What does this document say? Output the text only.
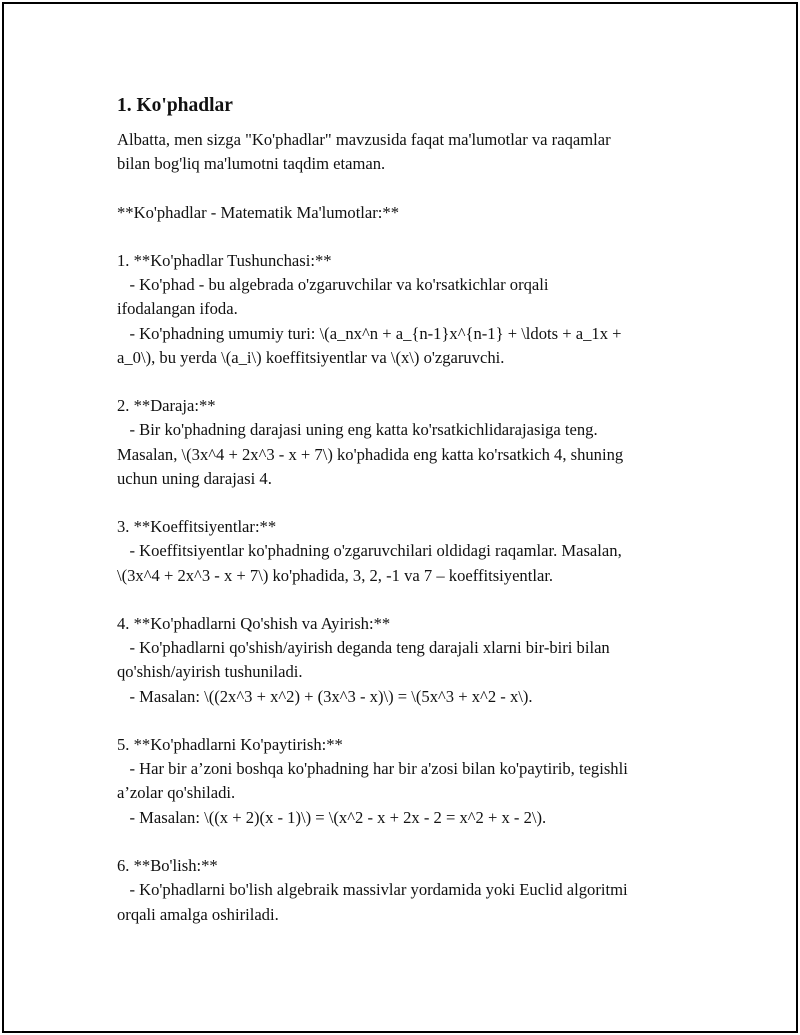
1. Ko'phadlar

Albatta, men sizga "Ko'phadlar" mavzusida faqat ma'lumotlar va raqamlar
bilan bog'liq ma'lumotni taqdim etaman.

**Ko'phadlar - Matematik Ma'lumotlar:**

1. **Ko'phadlar Tushunchasi:**
- Ko'phad - bu algebrada o'zgaruvchilar va ko'rsatkichlar orqali
ifodalangan ifoda.
- Ko'phadning umumiy turi: \(a_nx^n + a_{n-1}x^{n-1} + \ldots + a_1x +
a_0\), bu yerda \(a_i\) koeffitsiyentlar va \(x\) o'zgaruvchi.

2. **Daraja:**
- Bir ko'phadning darajasi uning eng katta ko'rsatkichlidarajasiga teng.
Masalan, \(3x^4 + 2x^3 - x + 7\) ko'phadida eng katta ko'rsatkich 4, shuning
uchun uning darajasi 4.

3. **Koeffitsiyentlar:**
- Koeffitsiyentlar ko'phadning o'zgaruvchilari oldidagi raqamlar. Masalan,
\(3x^4 + 2x^3 - x + 7\) ko'phadida, 3, 2, -1 va 7 – koeffitsiyentlar.

4. **Ko'phadlarni Qo'shish va Ayirish:**
- Ko'phadlarni qo'shish/ayirish deganda teng darajali xlarni bir-biri bilan
qo'shish/ayirish tushuniladi.
- Masalan: \((2x^3 + x^2) + (3x^3 - x)\) = \(5x^3 + x^2 - x\).

5. **Ko'phadlarni Ko'paytirish:**
- Har bir a’zoni boshqa ko'phadning har bir a'zosi bilan ko'paytirib, tegishli
a’zolar qo'shiladi.
- Masalan: \((x + 2)(x - 1)\) = \(x^2 - x + 2x - 2 = x^2 + x - 2\).

6. **Bo'lish:**
- Ko'phadlarni bo'lish algebraik massivlar yordamida yoki Euclid algoritmi
orqali amalga oshiriladi.
